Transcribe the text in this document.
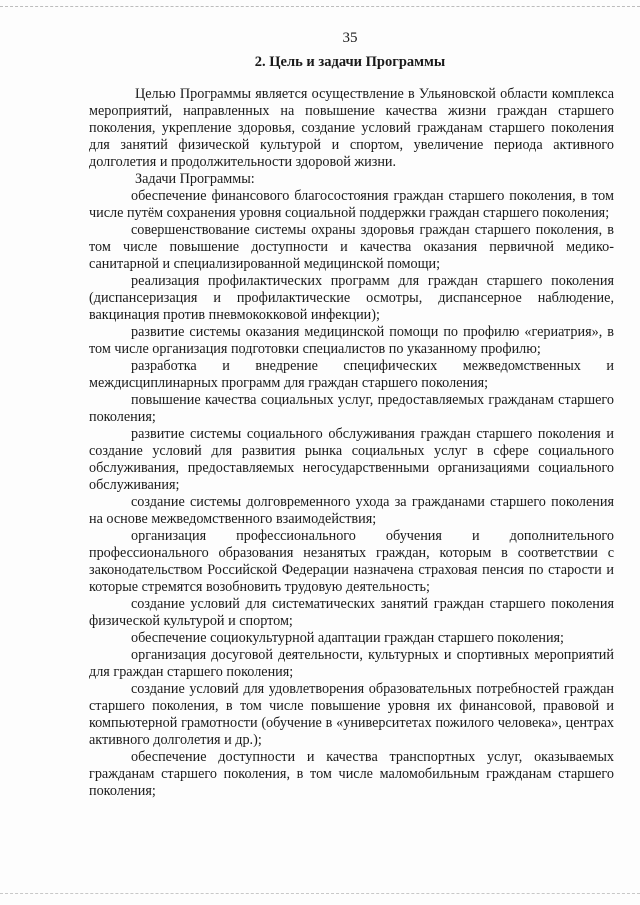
35
2. Цель и задачи Программы

Целью Программы является осуществление в Ульяновской области комплекса мероприятий, направленных на повышение качества жизни граждан старшего поколения, укрепление здоровья, создание условий гражданам старшего поколения для занятий физической культурой и спортом, увеличение периода активного долголетия и продолжительности здоровой жизни.

Задачи Программы:

обеспечение финансового благосостояния граждан старшего поколения, в том числе путём сохранения уровня социальной поддержки граждан старшего поколения;

совершенствование системы охраны здоровья граждан старшего поколения, в том числе повышение доступности и качества оказания первичной медико-санитарной и специализированной медицинской помощи;

реализация профилактических программ для граждан старшего поколения (диспансеризация и профилактические осмотры, диспансерное наблюдение, вакцинация против пневмококковой инфекции);

развитие системы оказания медицинской помощи по профилю «гериатрия», в том числе организация подготовки специалистов по указанному профилю;

разработка и внедрение специфических межведомственных и междисциплинарных программ для граждан старшего поколения;

повышение качества социальных услуг, предоставляемых гражданам старшего поколения;

развитие системы социального обслуживания граждан старшего поколения и создание условий для развития рынка социальных услуг в сфере социального обслуживания, предоставляемых негосударственными организациями социального обслуживания;

создание системы долговременного ухода за гражданами старшего поколения на основе межведомственного взаимодействия;

организация профессионального обучения и дополнительного профессионального образования незанятых граждан, которым в соответствии с законодательством Российской Федерации назначена страховая пенсия по старости и которые стремятся возобновить трудовую деятельность;

создание условий для систематических занятий граждан старшего поколения физической культурой и спортом;

обеспечение социокультурной адаптации граждан старшего поколения;

организация досуговой деятельности, культурных и спортивных мероприятий для граждан старшего поколения;

создание условий для удовлетворения образовательных потребностей граждан старшего поколения, в том числе повышение уровня их финансовой, правовой и компьютерной грамотности (обучение в «университетах пожилого человека», центрах активного долголетия и др.);

обеспечение доступности и качества транспортных услуг, оказываемых гражданам старшего поколения, в том числе маломобильным гражданам старшего поколения;
